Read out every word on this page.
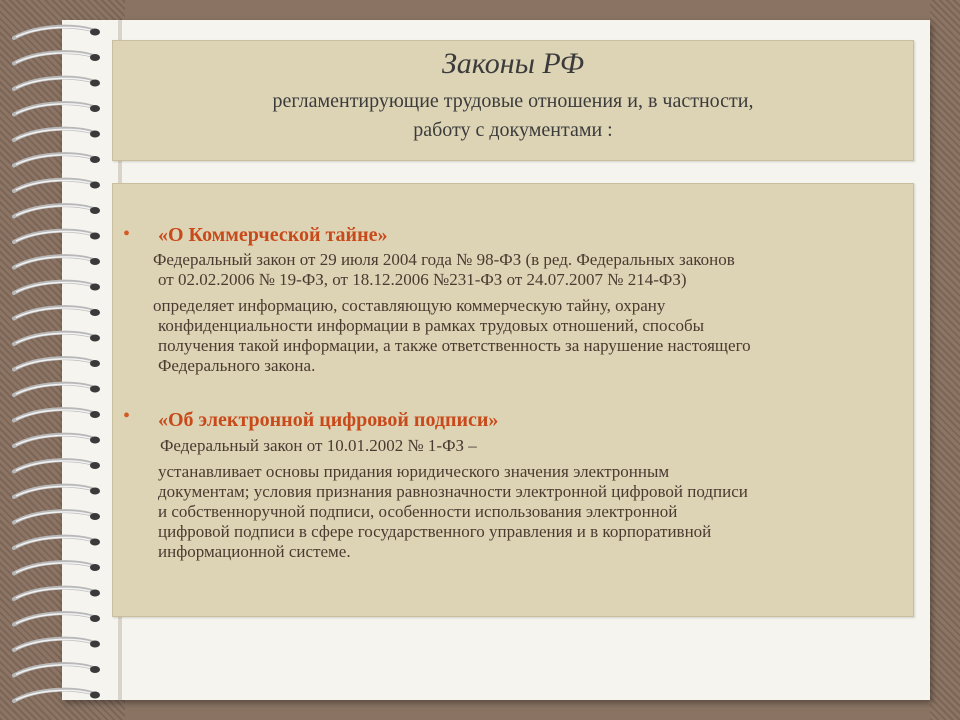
Законы РФ
регламентирующие трудовые отношения и, в частности,
работу с документами :
• «О Коммерческой тайне»
Федеральный закон от 29 июля 2004 года № 98-ФЗ (в ред. Федеральных законов
от 02.02.2006 № 19-ФЗ, от 18.12.2006 №231-ФЗ от 24.07.2007 № 214-ФЗ)
определяет информацию, составляющую коммерческую тайну, охрану
конфиденциальности информации в рамках трудовых отношений, способы
получения такой информации, а также ответственность за нарушение настоящего
Федерального закона.
• «Об электронной цифровой подписи»
Федеральный закон от 10.01.2002 № 1-ФЗ –
устанавливает основы придания юридического значения электронным
документам; условия признания равнозначности электронной цифровой подписи
и собственноручной подписи, особенности использования электронной
цифровой подписи в сфере государственного управления и в корпоративной
информационной системе.
